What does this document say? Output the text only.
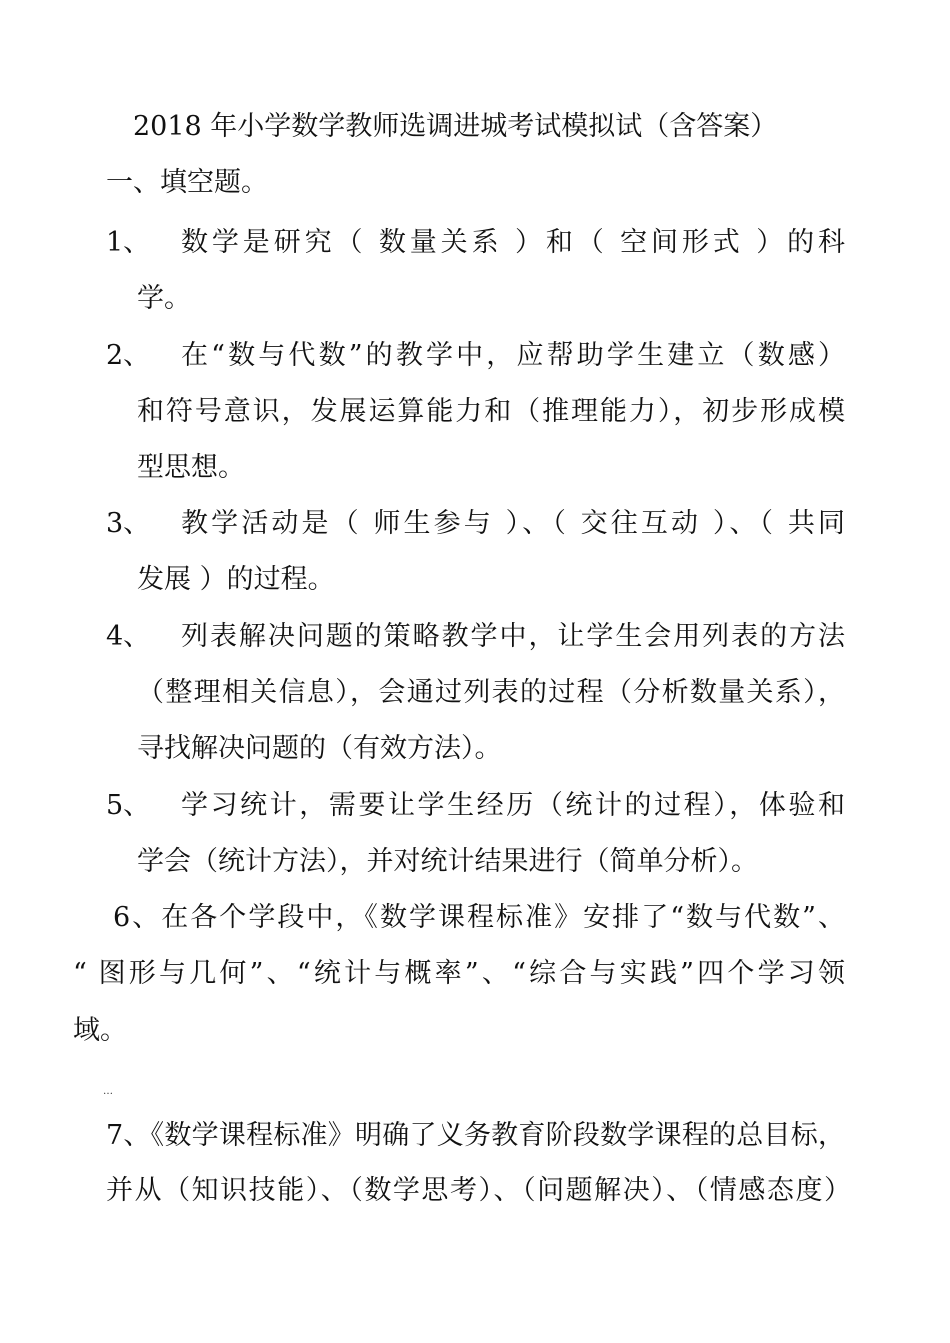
2018 年小学数学教师选调进城考试模拟试（含答案）
一、填空题。
1、 数学是研究（ 数量关系 ）和（ 空间形式 ）的科
学。
2、 在“数与代数”的教学中，应帮助学生建立（数感）
和符号意识，发展运算能力和（推理能力），初步形成模
型思想。
3、 教学活动是（ 师生参与 ）、（ 交往互动 ）、（ 共同
发展 ）的过程。
4、 列表解决问题的策略教学中，让学生会用列表的方法
（整理相关信息），会通过列表的过程（分析数量关系），
寻找解决问题的（有效方法）。
5、 学习统计，需要让学生经历（统计的过程），体验和
学会（统计方法），并对统计结果进行（简单分析）。
6、在各个学段中，《数学课程标准》安排了“数与代数”、
“ 图形与几何”、“统计与概率”、“综合与实践”四个学习领
域。
…
7、《数学课程标准》明确了义务教育阶段数学课程的总目标，
并从（知识技能）、（数学思考）、（问题解决）、（情感态度）
